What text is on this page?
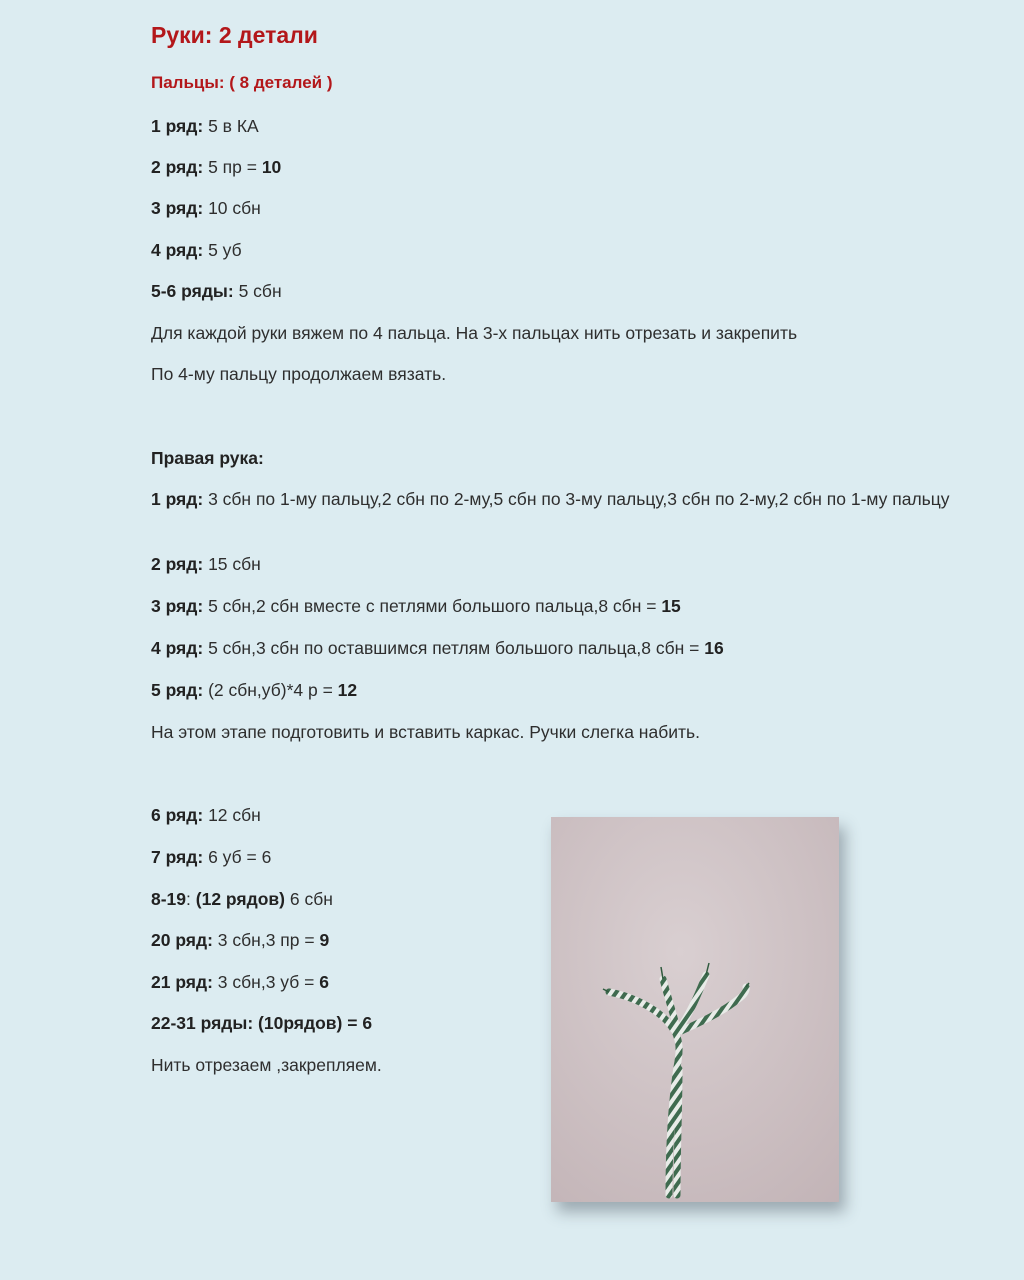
Руки: 2 детали
Пальцы: ( 8 деталей )

1 ряд: 5 в КА

2 ряд: 5 пр = 10

3 ряд: 10 сбн

4 ряд: 5 уб

5-6 ряды: 5 сбн

Для каждой руки вяжем по 4 пальца. На 3-х пальцах нить отрезать и закрепить

По 4-му пальцу продолжаем вязать.

Правая рука:

1 ряд: 3 сбн по 1-му пальцу,2 сбн по 2-му,5 сбн по 3-му пальцу,3 сбн по 2-му,2 сбн по 1-му пальцу

2 ряд: 15 сбн

3 ряд: 5 сбн,2 сбн вместе с петлями большого пальца,8 сбн = 15

4 ряд: 5 сбн,3 сбн по оставшимся петлям большого пальца,8 сбн = 16

5 ряд: (2 сбн,уб)*4 р = 12

На этом этапе подготовить и вставить каркас. Ручки слегка набить.

6 ряд: 12 сбн

7 ряд: 6 уб = 6

8-19: (12 рядов) 6 сбн

20 ряд: 3 сбн,3 пр = 9

21 ряд: 3 сбн,3 уб = 6

22-31 ряды: (10рядов) = 6

Нить отрезаем ,закрепляем.
